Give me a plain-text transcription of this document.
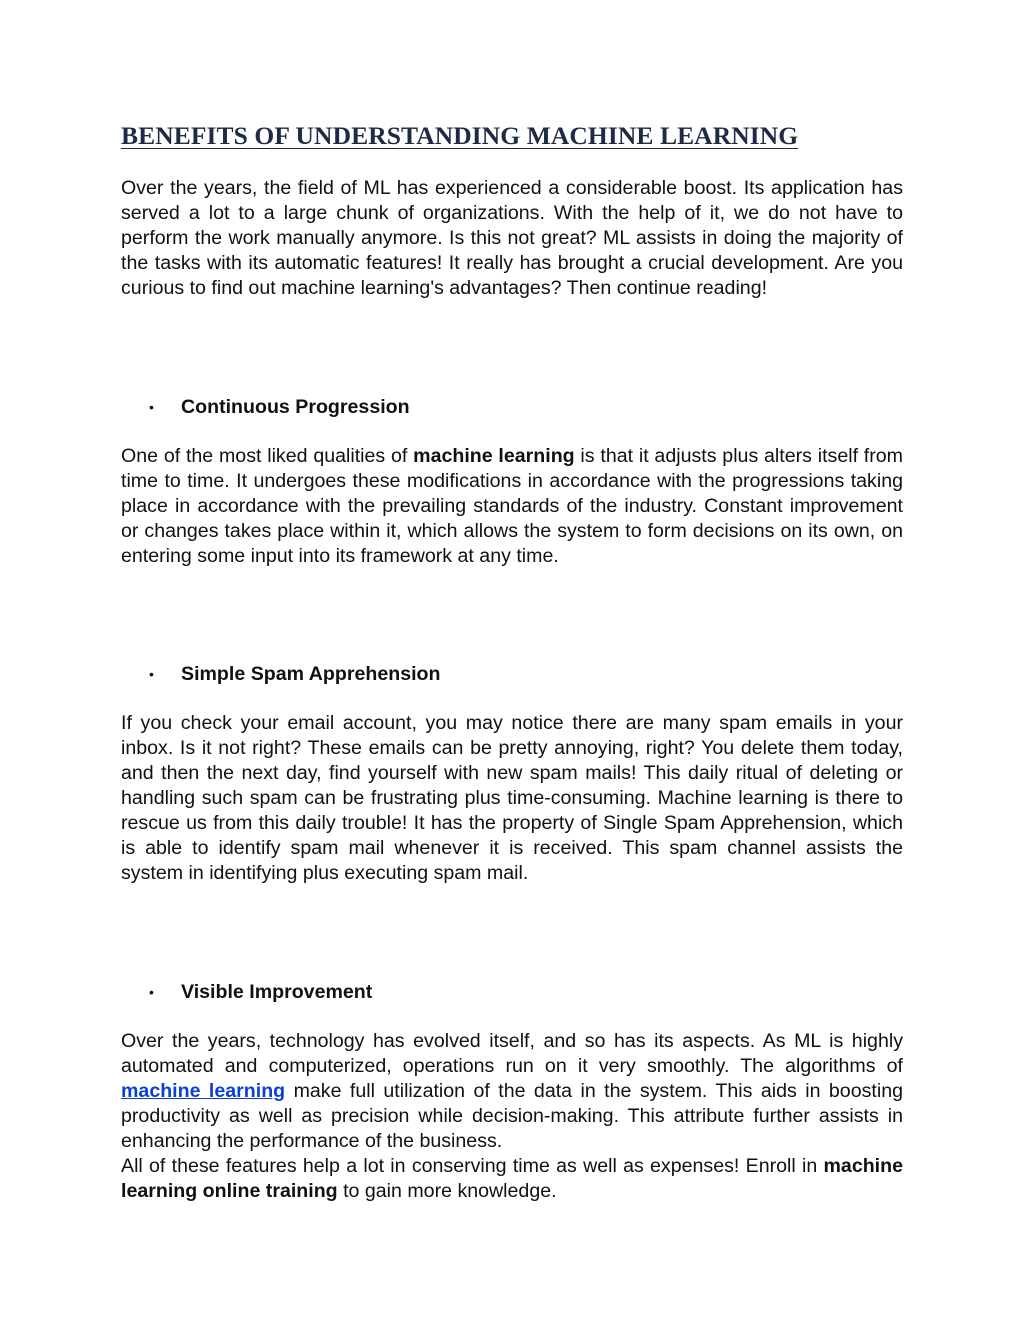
BENEFITS OF UNDERSTANDING MACHINE LEARNING

Over the years, the field of ML has experienced a considerable boost. Its application has served a lot to a large chunk of organizations. With the help of it, we do not have to perform the work manually anymore. Is this not great? ML assists in doing the majority of the tasks with its automatic features! It really has brought a crucial development. Are you curious to find out machine learning's advantages? Then continue reading!

• Continuous Progression

One of the most liked qualities of machine learning is that it adjusts plus alters itself from time to time. It undergoes these modifications in accordance with the progressions taking place in accordance with the prevailing standards of the industry. Constant improvement or changes takes place within it, which allows the system to form decisions on its own, on entering some input into its framework at any time.

• Simple Spam Apprehension

If you check your email account, you may notice there are many spam emails in your inbox. Is it not right? These emails can be pretty annoying, right? You delete them today, and then the next day, find yourself with new spam mails! This daily ritual of deleting or handling such spam can be frustrating plus time-consuming. Machine learning is there to rescue us from this daily trouble! It has the property of Single Spam Apprehension, which is able to identify spam mail whenever it is received. This spam channel assists the system in identifying plus executing spam mail.

• Visible Improvement

Over the years, technology has evolved itself, and so has its aspects. As ML is highly automated and computerized, operations run on it very smoothly. The algorithms of machine learning make full utilization of the data in the system. This aids in boosting productivity as well as precision while decision-making. This attribute further assists in enhancing the performance of the business.

All of these features help a lot in conserving time as well as expenses! Enroll in machine learning online training to gain more knowledge.
